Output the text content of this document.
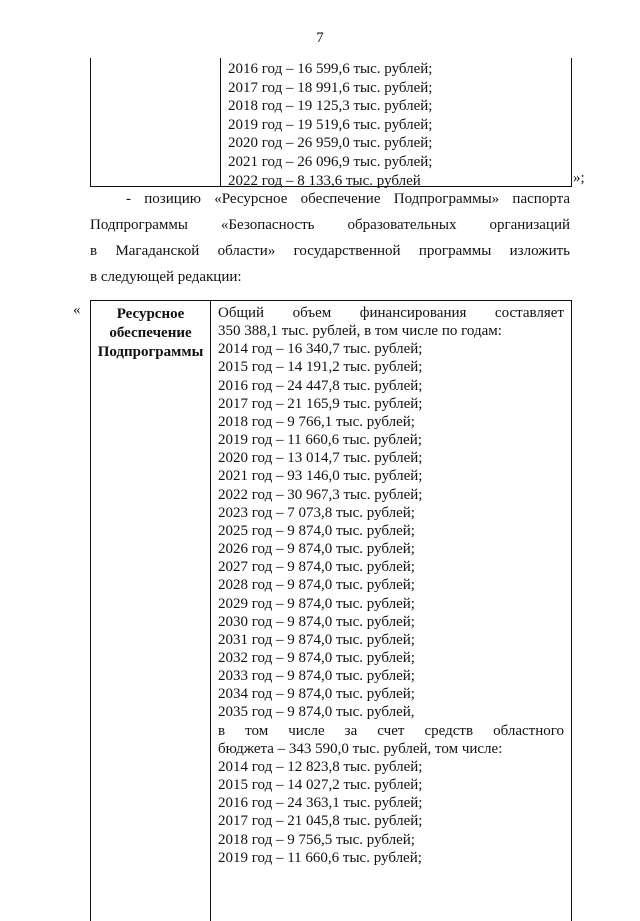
7
2016 год – 16 599,6 тыс. рублей;
2017 год – 18 991,6 тыс. рублей;
2018 год – 19 125,3 тыс. рублей;
2019 год – 19 519,6 тыс. рублей;
2020 год – 26 959,0 тыс. рублей;
2021 год – 26 096,9 тыс. рублей;
2022 год – 8 133,6 тыс. рублей	»;
- позицию «Ресурсное обеспечение Подпрограммы» паспорта
Подпрограммы «Безопасность образовательных организаций
в Магаданской области» государственной программы изложить
в следующей редакции:
«	Ресурсное
обеспечение
Подпрограммы
Общий объем финансирования составляет
350 388,1 тыс. рублей, в том числе по годам:
2014 год – 16 340,7 тыс. рублей;
2015 год – 14 191,2 тыс. рублей;
2016 год – 24 447,8 тыс. рублей;
2017 год – 21 165,9 тыс. рублей;
2018 год – 9 766,1 тыс. рублей;
2019 год – 11 660,6 тыс. рублей;
2020 год – 13 014,7 тыс. рублей;
2021 год – 93 146,0 тыс. рублей;
2022 год – 30 967,3 тыс. рублей;
2023 год – 7 073,8 тыс. рублей;
2025 год – 9 874,0 тыс. рублей;
2026 год – 9 874,0 тыс. рублей;
2027 год – 9 874,0 тыс. рублей;
2028 год – 9 874,0 тыс. рублей;
2029 год – 9 874,0 тыс. рублей;
2030 год – 9 874,0 тыс. рублей;
2031 год – 9 874,0 тыс. рублей;
2032 год – 9 874,0 тыс. рублей;
2033 год – 9 874,0 тыс. рублей;
2034 год – 9 874,0 тыс. рублей;
2035 год – 9 874,0 тыс. рублей,
в том числе за счет средств областного
бюджета – 343 590,0 тыс. рублей, том числе:
2014 год – 12 823,8 тыс. рублей;
2015 год – 14 027,2 тыс. рублей;
2016 год – 24 363,1 тыс. рублей;
2017 год – 21 045,8 тыс. рублей;
2018 год – 9 756,5 тыс. рублей;
2019 год – 11 660,6 тыс. рублей;
